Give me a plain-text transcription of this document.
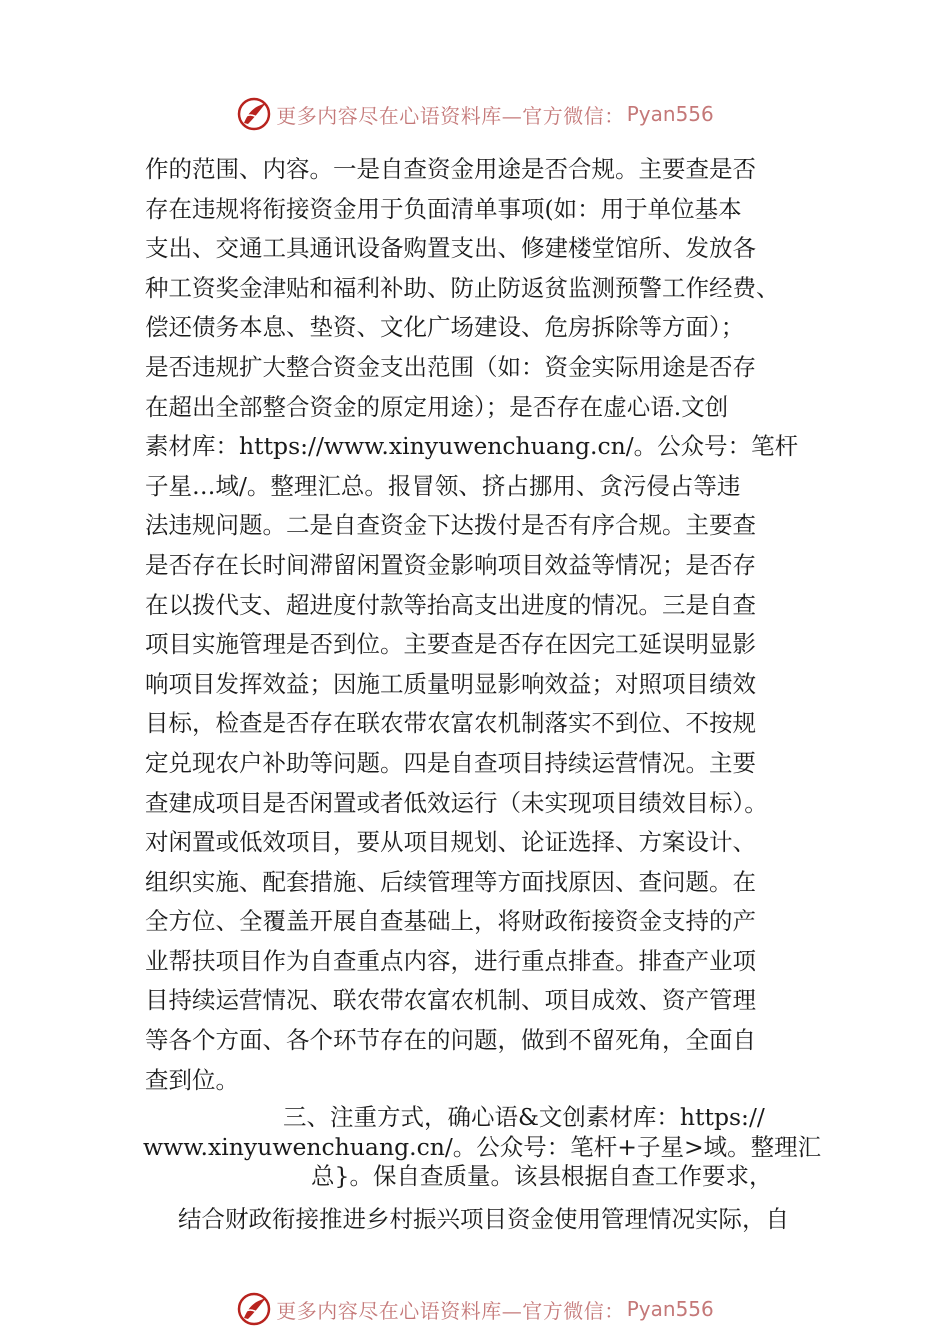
更多内容尽在心语资料库—官方微信： Pyan556
作的范围、内容。一是自查资金用途是否合规。主要查是否
存在违规将衔接资金用于负面清单事项(如：用于单位基本
支出、交通工具通讯设备购置支出、修建楼堂馆所、发放各
种工资奖金津贴和福利补助、防止防返贫监测预警工作经费、
偿还债务本息、垫资、文化广场建设、危房拆除等方面）；
是否违规扩大整合资金支出范围（如：资金实际用途是否存
在超出全部整合资金的原定用途）；是否存在虚心语.文创
素材库：https://www.xinyuwenchuang.cn/。公众号：笔杆
子星…域/。整理汇总。报冒领、挤占挪用、贪污侵占等违
法违规问题。二是自查资金下达拨付是否有序合规。主要查
是否存在长时间滞留闲置资金影响项目效益等情况；是否存
在以拨代支、超进度付款等抬高支出进度的情况。三是自查
项目实施管理是否到位。主要查是否存在因完工延误明显影
响项目发挥效益；因施工质量明显影响效益；对照项目绩效
目标，检查是否存在联农带农富农机制落实不到位、不按规
定兑现农户补助等问题。四是自查项目持续运营情况。主要
查建成项目是否闲置或者低效运行（未实现项目绩效目标）。
对闲置或低效项目，要从项目规划、论证选择、方案设计、
组织实施、配套措施、后续管理等方面找原因、查问题。在
全方位、全覆盖开展自查基础上，将财政衔接资金支持的产
业帮扶项目作为自查重点内容，进行重点排查。排查产业项
目持续运营情况、联农带农富农机制、项目成效、资产管理
等各个方面、各个环节存在的问题，做到不留死角，全面自
查到位。
三、注重方式，确心语&文创素材库：https://
www.xinyuwenchuang.cn/。公众号：笔杆+子星>域。整理汇
总}。保自查质量。该县根据自查工作要求，
结合财政衔接推进乡村振兴项目资金使用管理情况实际，自
更多内容尽在心语资料库—官方微信： Pyan556
